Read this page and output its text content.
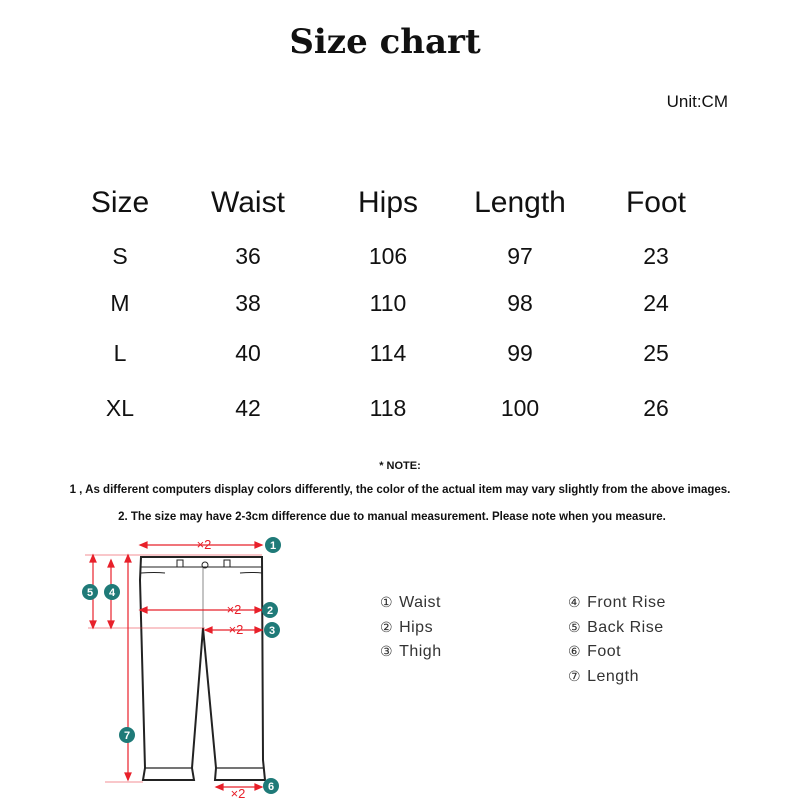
Size chart
Unit:CM
Size	Waist	Hips	Length	Foot
S	36	106	97	23
M	38	110	98	24
L	40	114	99	25
XL	42	118	100	26
* NOTE:
1 , As different computers display colors differently, the color of the actual item may vary slightly from the above images.
2. The size may have 2-3cm difference due to manual measurement. Please note when you measure.
×2
×2
×2
×2
1
2
3
4
5
6
7
① Waist
② Hips
③ Thigh
④ Front Rise
⑤ Back Rise
⑥ Foot
⑦ Length
